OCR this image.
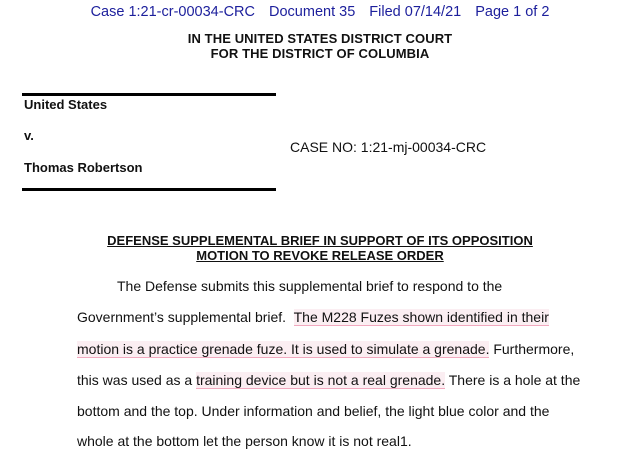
Case 1:21-cr-00034-CRC Document 35 Filed 07/14/21 Page 1 of 2
IN THE UNITED STATES DISTRICT COURT
FOR THE DISTRICT OF COLUMBIA
United States
v.
Thomas Robertson
CASE NO: 1:21-mj-00034-CRC
DEFENSE SUPPLEMENTAL BRIEF IN SUPPORT OF ITS OPPOSITION
MOTION TO REVOKE RELEASE ORDER
The Defense submits this supplemental brief to respond to the
Government’s supplemental brief.  The M228 Fuzes shown identified in their
motion is a practice grenade fuze. It is used to simulate a grenade. Furthermore,
this was used as a training device but is not a real grenade. There is a hole at the
bottom and the top. Under information and belief, the light blue color and the
whole at the bottom let the person know it is not real1.
